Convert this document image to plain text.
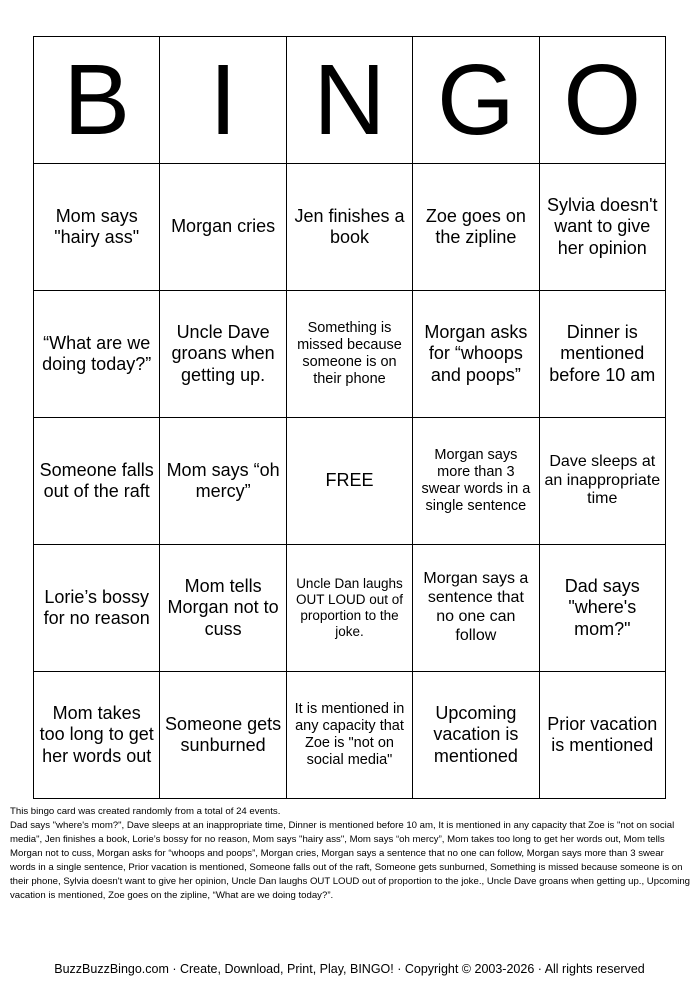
B	I	N	G	O

Mom says "hairy ass"	Morgan cries	Jen finishes a book	Zoe goes on the zipline	Sylvia doesn't want to give her opinion

“What are we doing today?”	Uncle Dave groans when getting up.	Something is missed because someone is on their phone	Morgan asks for “whoops and poops”	Dinner is mentioned before 10 am

Someone falls out of the raft	Mom says “oh mercy”	FREE	Morgan says more than 3 swear words in a single sentence	Dave sleeps at an inappropriate time

Lorie’s bossy for no reason	Mom tells Morgan not to cuss	Uncle Dan laughs OUT LOUD out of proportion to the joke.	Morgan says a sentence that no one can follow	Dad says "where's mom?"

Mom takes too long to get her words out	Someone gets sunburned	It is mentioned in any capacity that Zoe is "not on social media"	Upcoming vacation is mentioned	Prior vacation is mentioned

This bingo card was created randomly from a total of 24 events.

Dad says "where's mom?", Dave sleeps at an inappropriate time, Dinner is mentioned before 10 am, It is mentioned in any capacity that Zoe is "not on social media", Jen finishes a book, Lorie’s bossy for no reason, Mom says "hairy ass", Mom says “oh mercy”, Mom takes too long to get her words out, Mom tells Morgan not to cuss, Morgan asks for “whoops and poops”, Morgan cries, Morgan says a sentence that no one can follow, Morgan says more than 3 swear words in a single sentence, Prior vacation is mentioned, Someone falls out of the raft, Someone gets sunburned, Something is missed because someone is on their phone, Sylvia doesn't want to give her opinion, Uncle Dan laughs OUT LOUD out of proportion to the joke., Uncle Dave groans when getting up., Upcoming vacation is mentioned, Zoe goes on the zipline, “What are we doing today?”.

BuzzBuzzBingo.com · Create, Download, Print, Play, BINGO! · Copyright © 2003-2026 · All rights reserved
